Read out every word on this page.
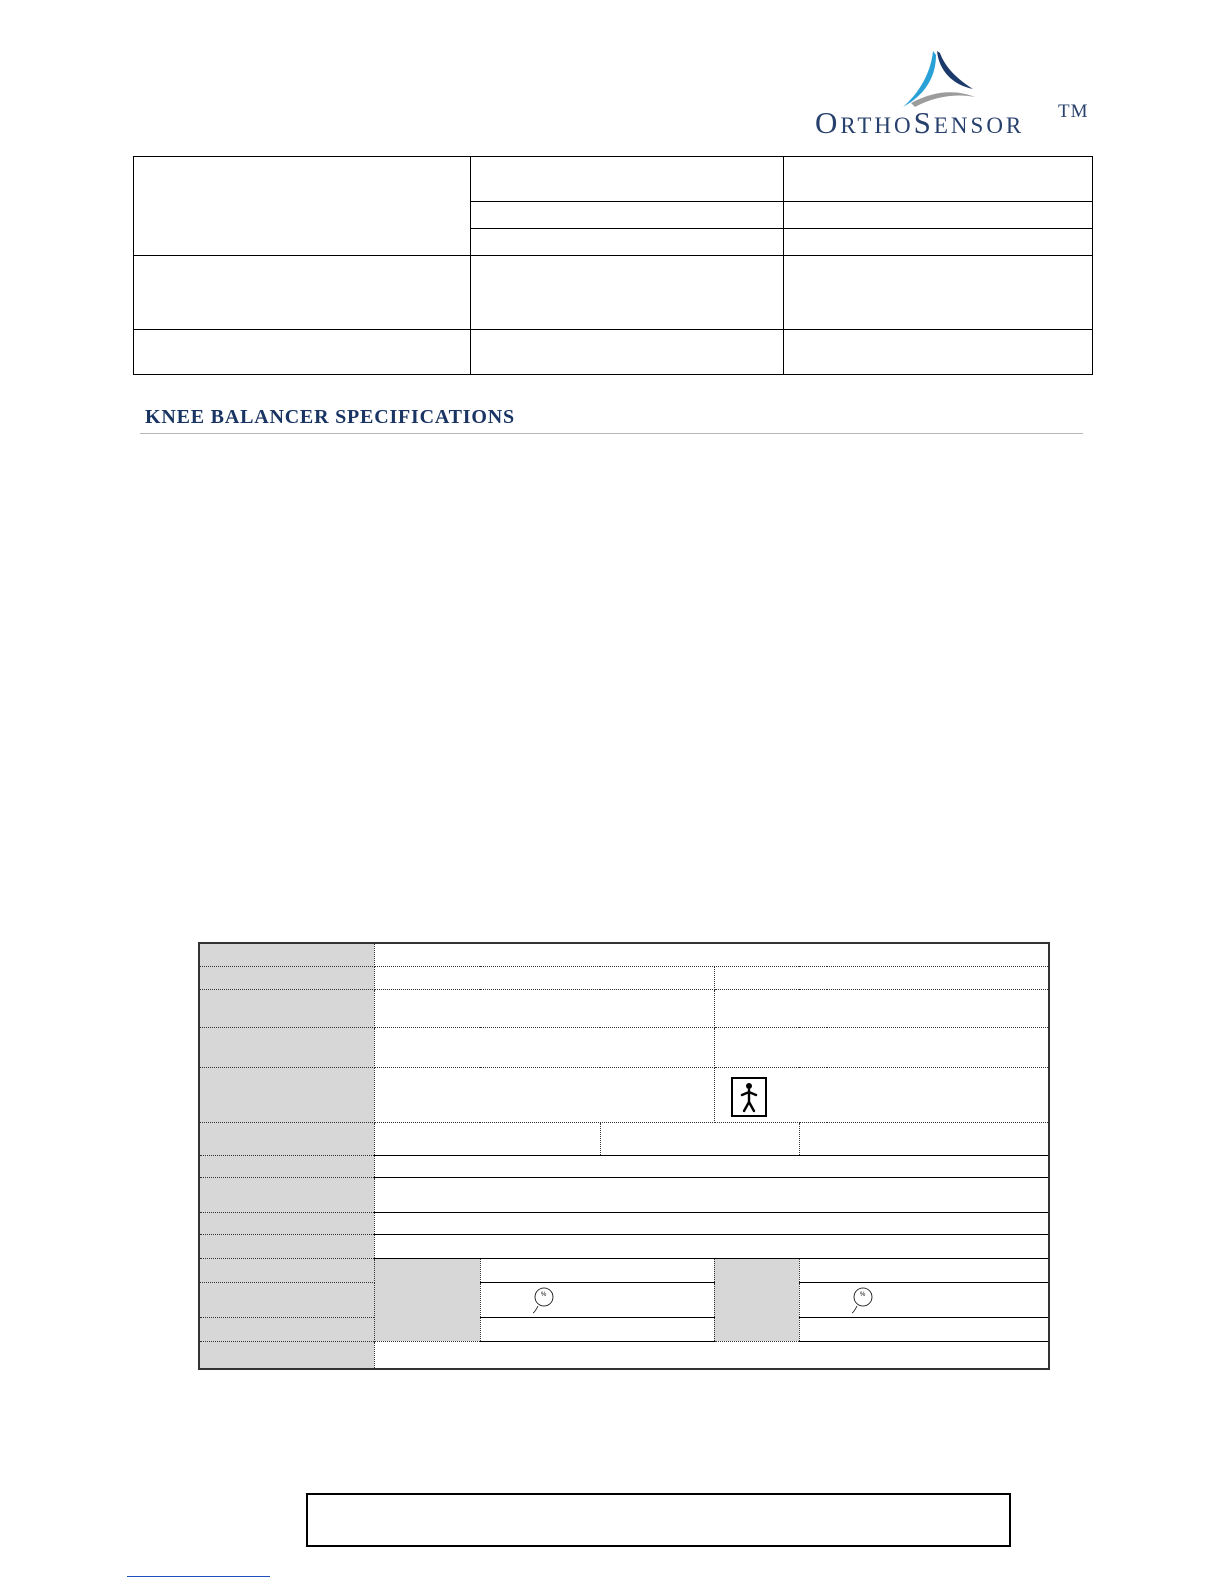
ORTHOSENSOR
TM

KNEE BALANCER SPECIFICATIONS

%			%
